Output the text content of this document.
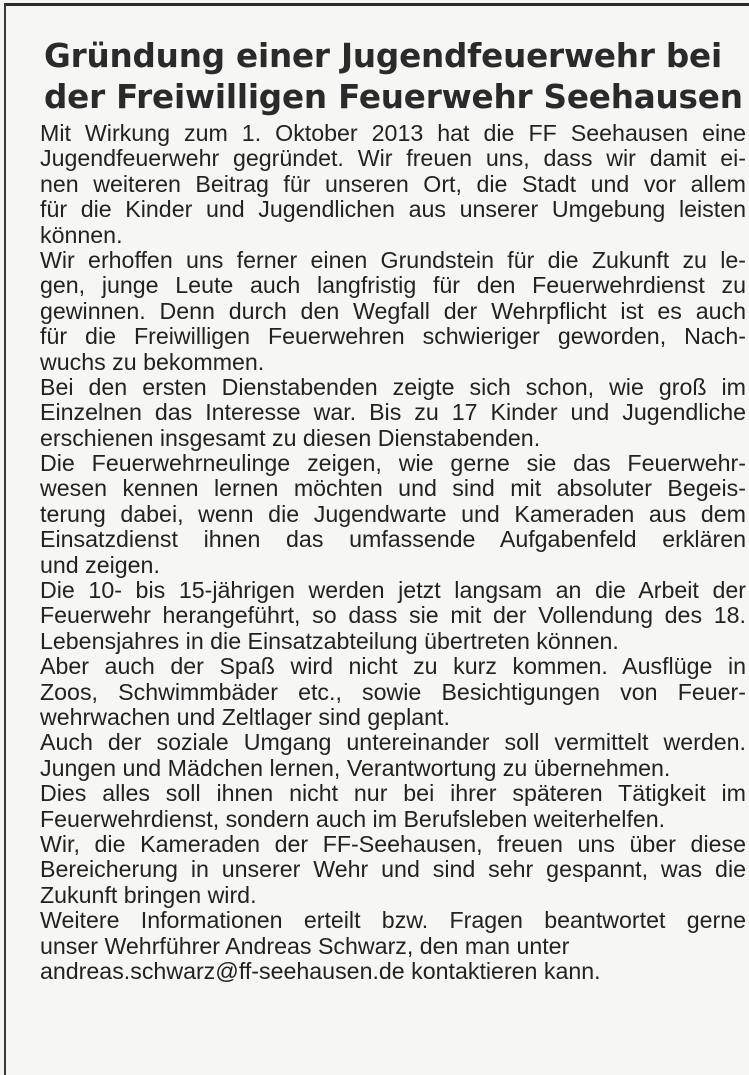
Gründung einer Jugendfeuerwehr bei
der Freiwilligen Feuerwehr Seehausen
Mit Wirkung zum 1. Oktober 2013 hat die FF Seehausen eine
Jugendfeuerwehr gegründet. Wir freuen uns, dass wir damit ei-
nen weiteren Beitrag für unseren Ort, die Stadt und vor allem
für die Kinder und Jugendlichen aus unserer Umgebung leisten
können.
Wir erhoffen uns ferner einen Grundstein für die Zukunft zu le-
gen, junge Leute auch langfristig für den Feuerwehrdienst zu
gewinnen. Denn durch den Wegfall der Wehrpflicht ist es auch
für die Freiwilligen Feuerwehren schwieriger geworden, Nach-
wuchs zu bekommen.
Bei den ersten Dienstabenden zeigte sich schon, wie groß im
Einzelnen das Interesse war. Bis zu 17 Kinder und Jugendliche
erschienen insgesamt zu diesen Dienstabenden.
Die Feuerwehrneulinge zeigen, wie gerne sie das Feuerwehr-
wesen kennen lernen möchten und sind mit absoluter Begeis-
terung dabei, wenn die Jugendwarte und Kameraden aus dem
Einsatzdienst ihnen das umfassende Aufgabenfeld erklären
und zeigen.
Die 10- bis 15-jährigen werden jetzt langsam an die Arbeit der
Feuerwehr herangeführt, so dass sie mit der Vollendung des 18.
Lebensjahres in die Einsatzabteilung übertreten können.
Aber auch der Spaß wird nicht zu kurz kommen. Ausflüge in
Zoos, Schwimmbäder etc., sowie Besichtigungen von Feuer-
wehrwachen und Zeltlager sind geplant.
Auch der soziale Umgang untereinander soll vermittelt werden.
Jungen und Mädchen lernen, Verantwortung zu übernehmen.
Dies alles soll ihnen nicht nur bei ihrer späteren Tätigkeit im
Feuerwehrdienst, sondern auch im Berufsleben weiterhelfen.
Wir, die Kameraden der FF-Seehausen, freuen uns über diese
Bereicherung in unserer Wehr und sind sehr gespannt, was die
Zukunft bringen wird.
Weitere Informationen erteilt bzw. Fragen beantwortet gerne
unser Wehrführer Andreas Schwarz, den man unter
andreas.schwarz@ff-seehausen.de kontaktieren kann.
